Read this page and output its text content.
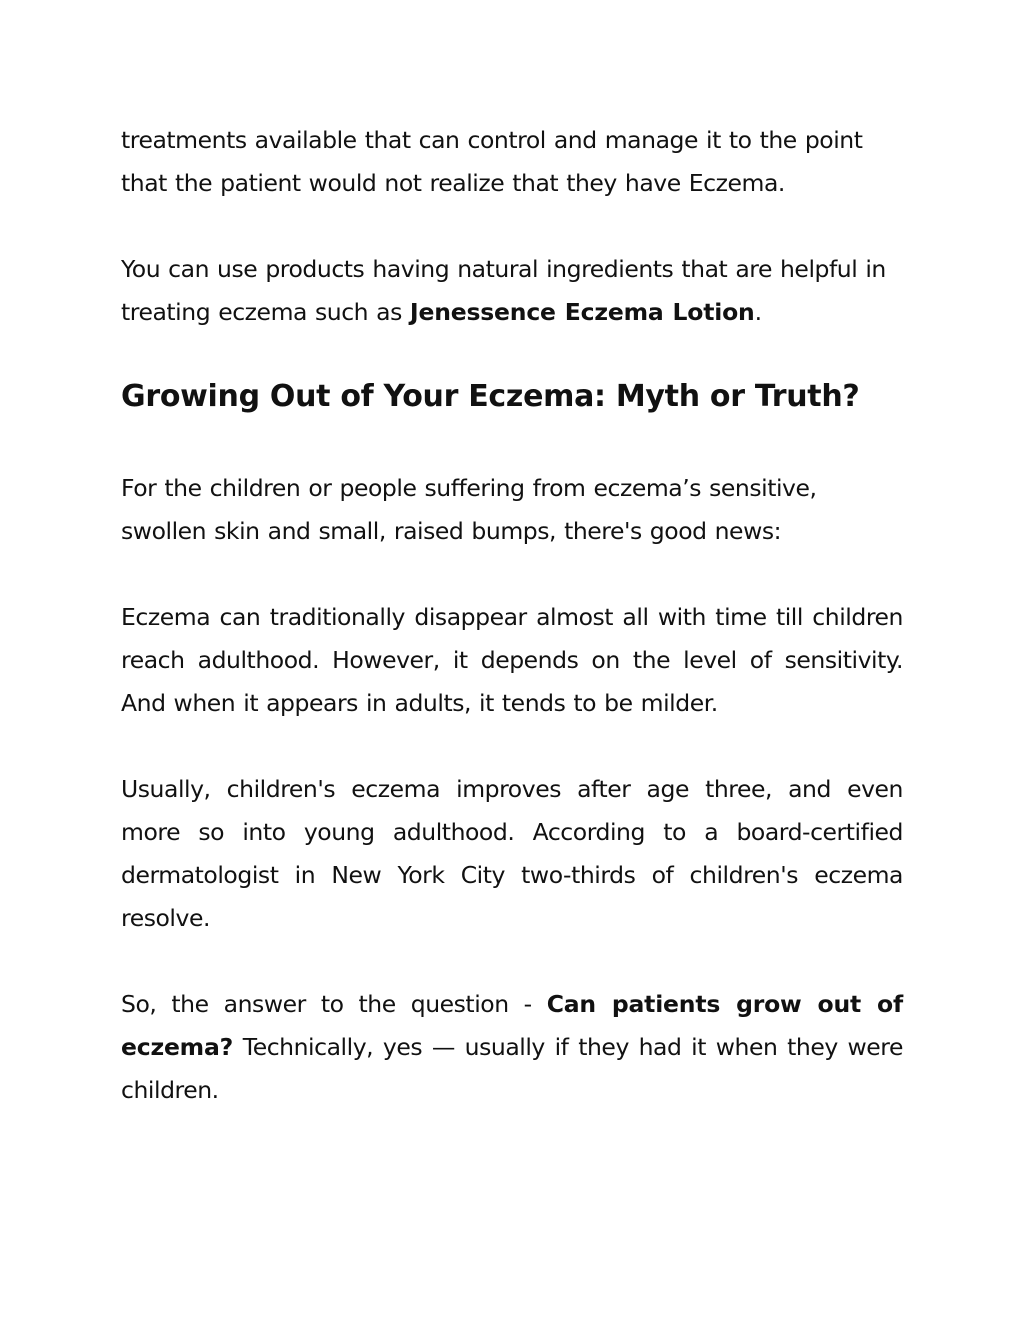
treatments available that can control and manage it to the point that the patient would not realize that they have Eczema.

You can use products having natural ingredients that are helpful in treating eczema such as Jenessence Eczema Lotion.

Growing Out of Your Eczema: Myth or Truth?

For the children or people suffering from eczema’s sensitive, swollen skin and small, raised bumps, there's good news:

Eczema can traditionally disappear almost all with time till children reach adulthood. However, it depends on the level of sensitivity. And when it appears in adults, it tends to be milder.

Usually, children's eczema improves after age three, and even more so into young adulthood. According to a board-certified dermatologist in New York City two-thirds of children's eczema resolve.

So, the answer to the question - Can patients grow out of eczema? Technically, yes — usually if they had it when they were children.
